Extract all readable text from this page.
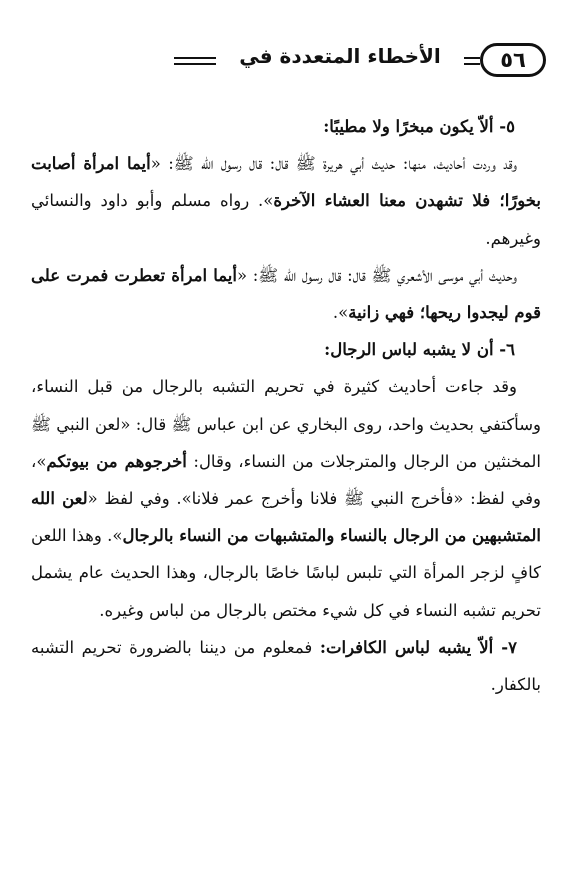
٥٦
الأخطاء المتعددة في

٥- ألاّ يكون مبخرًا ولا مطيبًا:

وقد وردت أحاديث، منها: حديث أبي هريرة ﷺ قال: قال رسول الله ﷺ: «أيما امرأة أصابت بخورًا؛ فلا تشهدن معنا العشاء الآخرة». رواه مسلم وأبو داود والنسائي وغيرهم.

وحديث أبي موسى الأشعري ﷺ قال: قال رسول الله ﷺ: «أيما امرأة تعطرت فمرت على قوم ليجدوا ريحها؛ فهي زانية».

٦- أن لا يشبه لباس الرجال:

وقد جاءت أحاديث كثيرة في تحريم التشبه بالرجال من قبل النساء، وسأكتفي بحديث واحد، روى البخاري عن ابن عباس ﷺ قال: «لعن النبي ﷺ المخنثين من الرجال والمترجلات من النساء، وقال: أخرجوهم من بيوتكم»، وفي لفظ: «فأخرج النبي ﷺ فلانا وأخرج عمر فلانا». وفي لفظ «لعن الله المتشبهين من الرجال بالنساء والمتشبهات من النساء بالرجال». وهذا اللعن كافٍ لزجر المرأة التي تلبس لباسًا خاصًا بالرجال، وهذا الحديث عام يشمل تحريم تشبه النساء في كل شيء مختص بالرجال من لباس وغيره.

٧- ألاّ يشبه لباس الكافرات: فمعلوم من ديننا بالضرورة تحريم التشبه بالكفار.
